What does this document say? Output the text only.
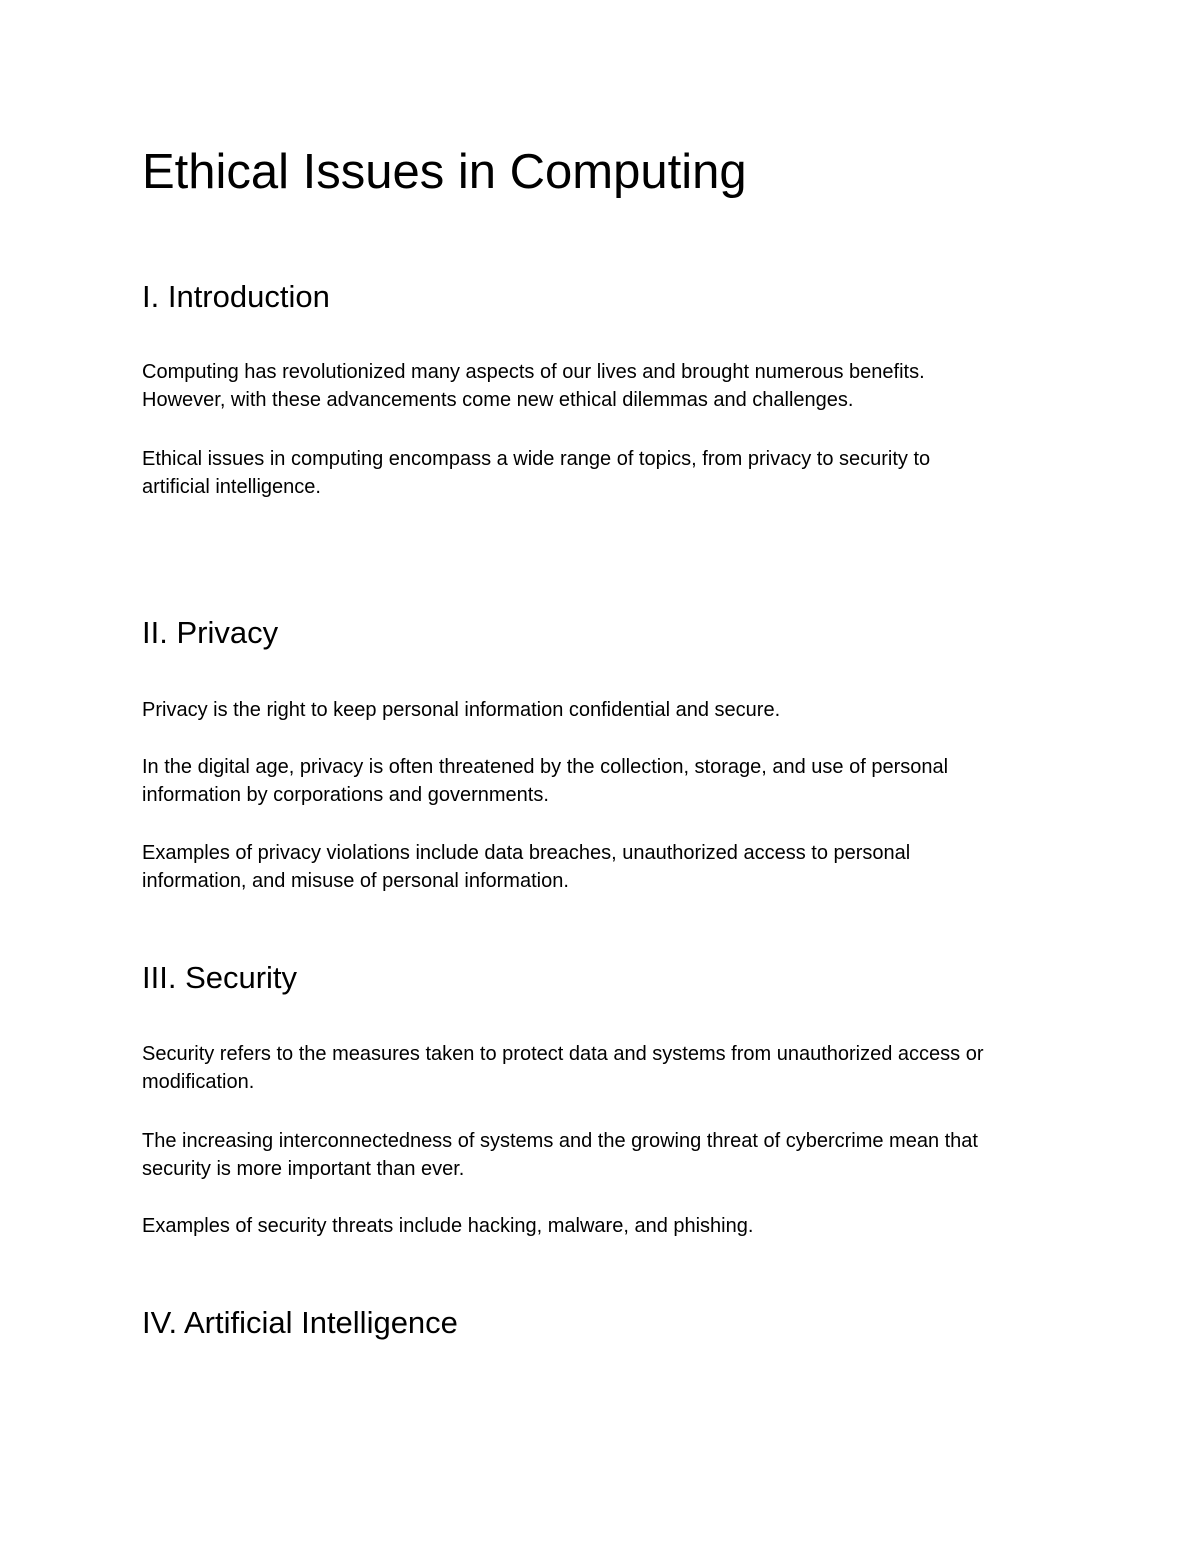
Ethical Issues in Computing
I. Introduction

Computing has revolutionized many aspects of our lives and brought numerous benefits.
However, with these advancements come new ethical dilemmas and challenges.

Ethical issues in computing encompass a wide range of topics, from privacy to security to
artificial intelligence.

II. Privacy

Privacy is the right to keep personal information confidential and secure.

In the digital age, privacy is often threatened by the collection, storage, and use of personal
information by corporations and governments.

Examples of privacy violations include data breaches, unauthorized access to personal
information, and misuse of personal information.

III. Security

Security refers to the measures taken to protect data and systems from unauthorized access or
modification.

The increasing interconnectedness of systems and the growing threat of cybercrime mean that
security is more important than ever.

Examples of security threats include hacking, malware, and phishing.

IV. Artificial Intelligence
